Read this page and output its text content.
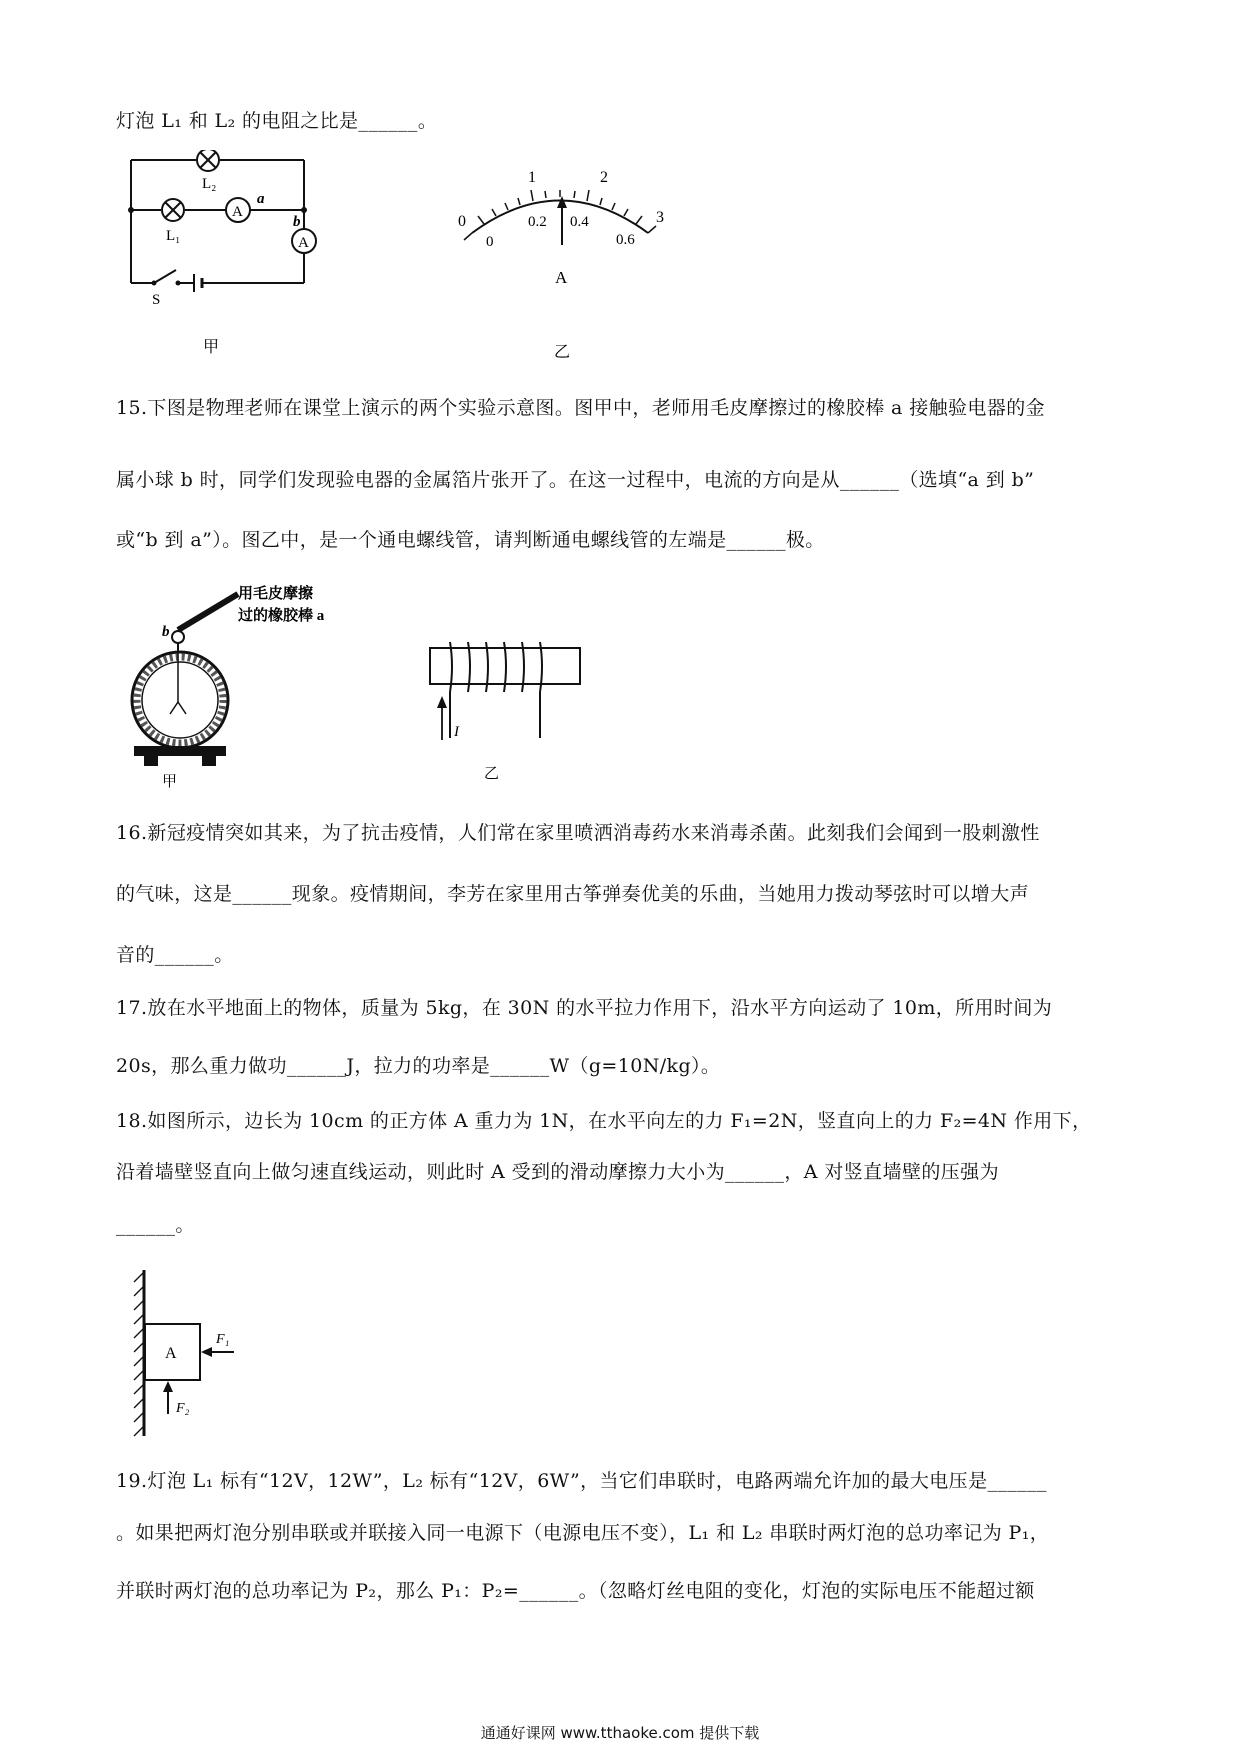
灯泡 L₁ 和 L₂ 的电阻之比是______。
L₂
L₁
A
A
a
b
S
甲
0
1	2
3
0
0.2 0.4
0.6
A
乙
15.下图是物理老师在课堂上演示的两个实验示意图。图甲中，老师用毛皮摩擦过的橡胶棒 a 接触验电器的金
属小球 b 时，同学们发现验电器的金属箔片张开了。在这一过程中，电流的方向是从______（选填“a 到 b”
或“b 到 a”）。图乙中，是一个通电螺线管，请判断通电螺线管的左端是______极。
用毛皮摩擦
过的橡胶棒 a
b
甲
I
乙
16.新冠疫情突如其来，为了抗击疫情，人们常在家里喷洒消毒药水来消毒杀菌。此刻我们会闻到一股刺激性
的气味，这是______现象。疫情期间，李芳在家里用古筝弹奏优美的乐曲，当她用力拨动琴弦时可以增大声
音的______。
17.放在水平地面上的物体，质量为 5kg，在 30N 的水平拉力作用下，沿水平方向运动了 10m，所用时间为
20s，那么重力做功______J，拉力的功率是______W（g=10N/kg）。
18.如图所示，边长为 10cm 的正方体 A 重力为 1N，在水平向左的力 F₁=2N，竖直向上的力 F₂=4N 作用下，
沿着墙壁竖直向上做匀速直线运动，则此时 A 受到的滑动摩擦力大小为______，A 对竖直墙壁的压强为
______。
A
F₁
F₂
19.灯泡 L₁ 标有“12V，12W”，L₂ 标有“12V，6W”，当它们串联时，电路两端允许加的最大电压是______
。如果把两灯泡分别串联或并联接入同一电源下（电源电压不变），L₁ 和 L₂ 串联时两灯泡的总功率记为 P₁，
并联时两灯泡的总功率记为 P₂，那么 P₁：P₂=______。（忽略灯丝电阻的变化，灯泡的实际电压不能超过额
通通好课网 www.tthaoke.com 提供下载
